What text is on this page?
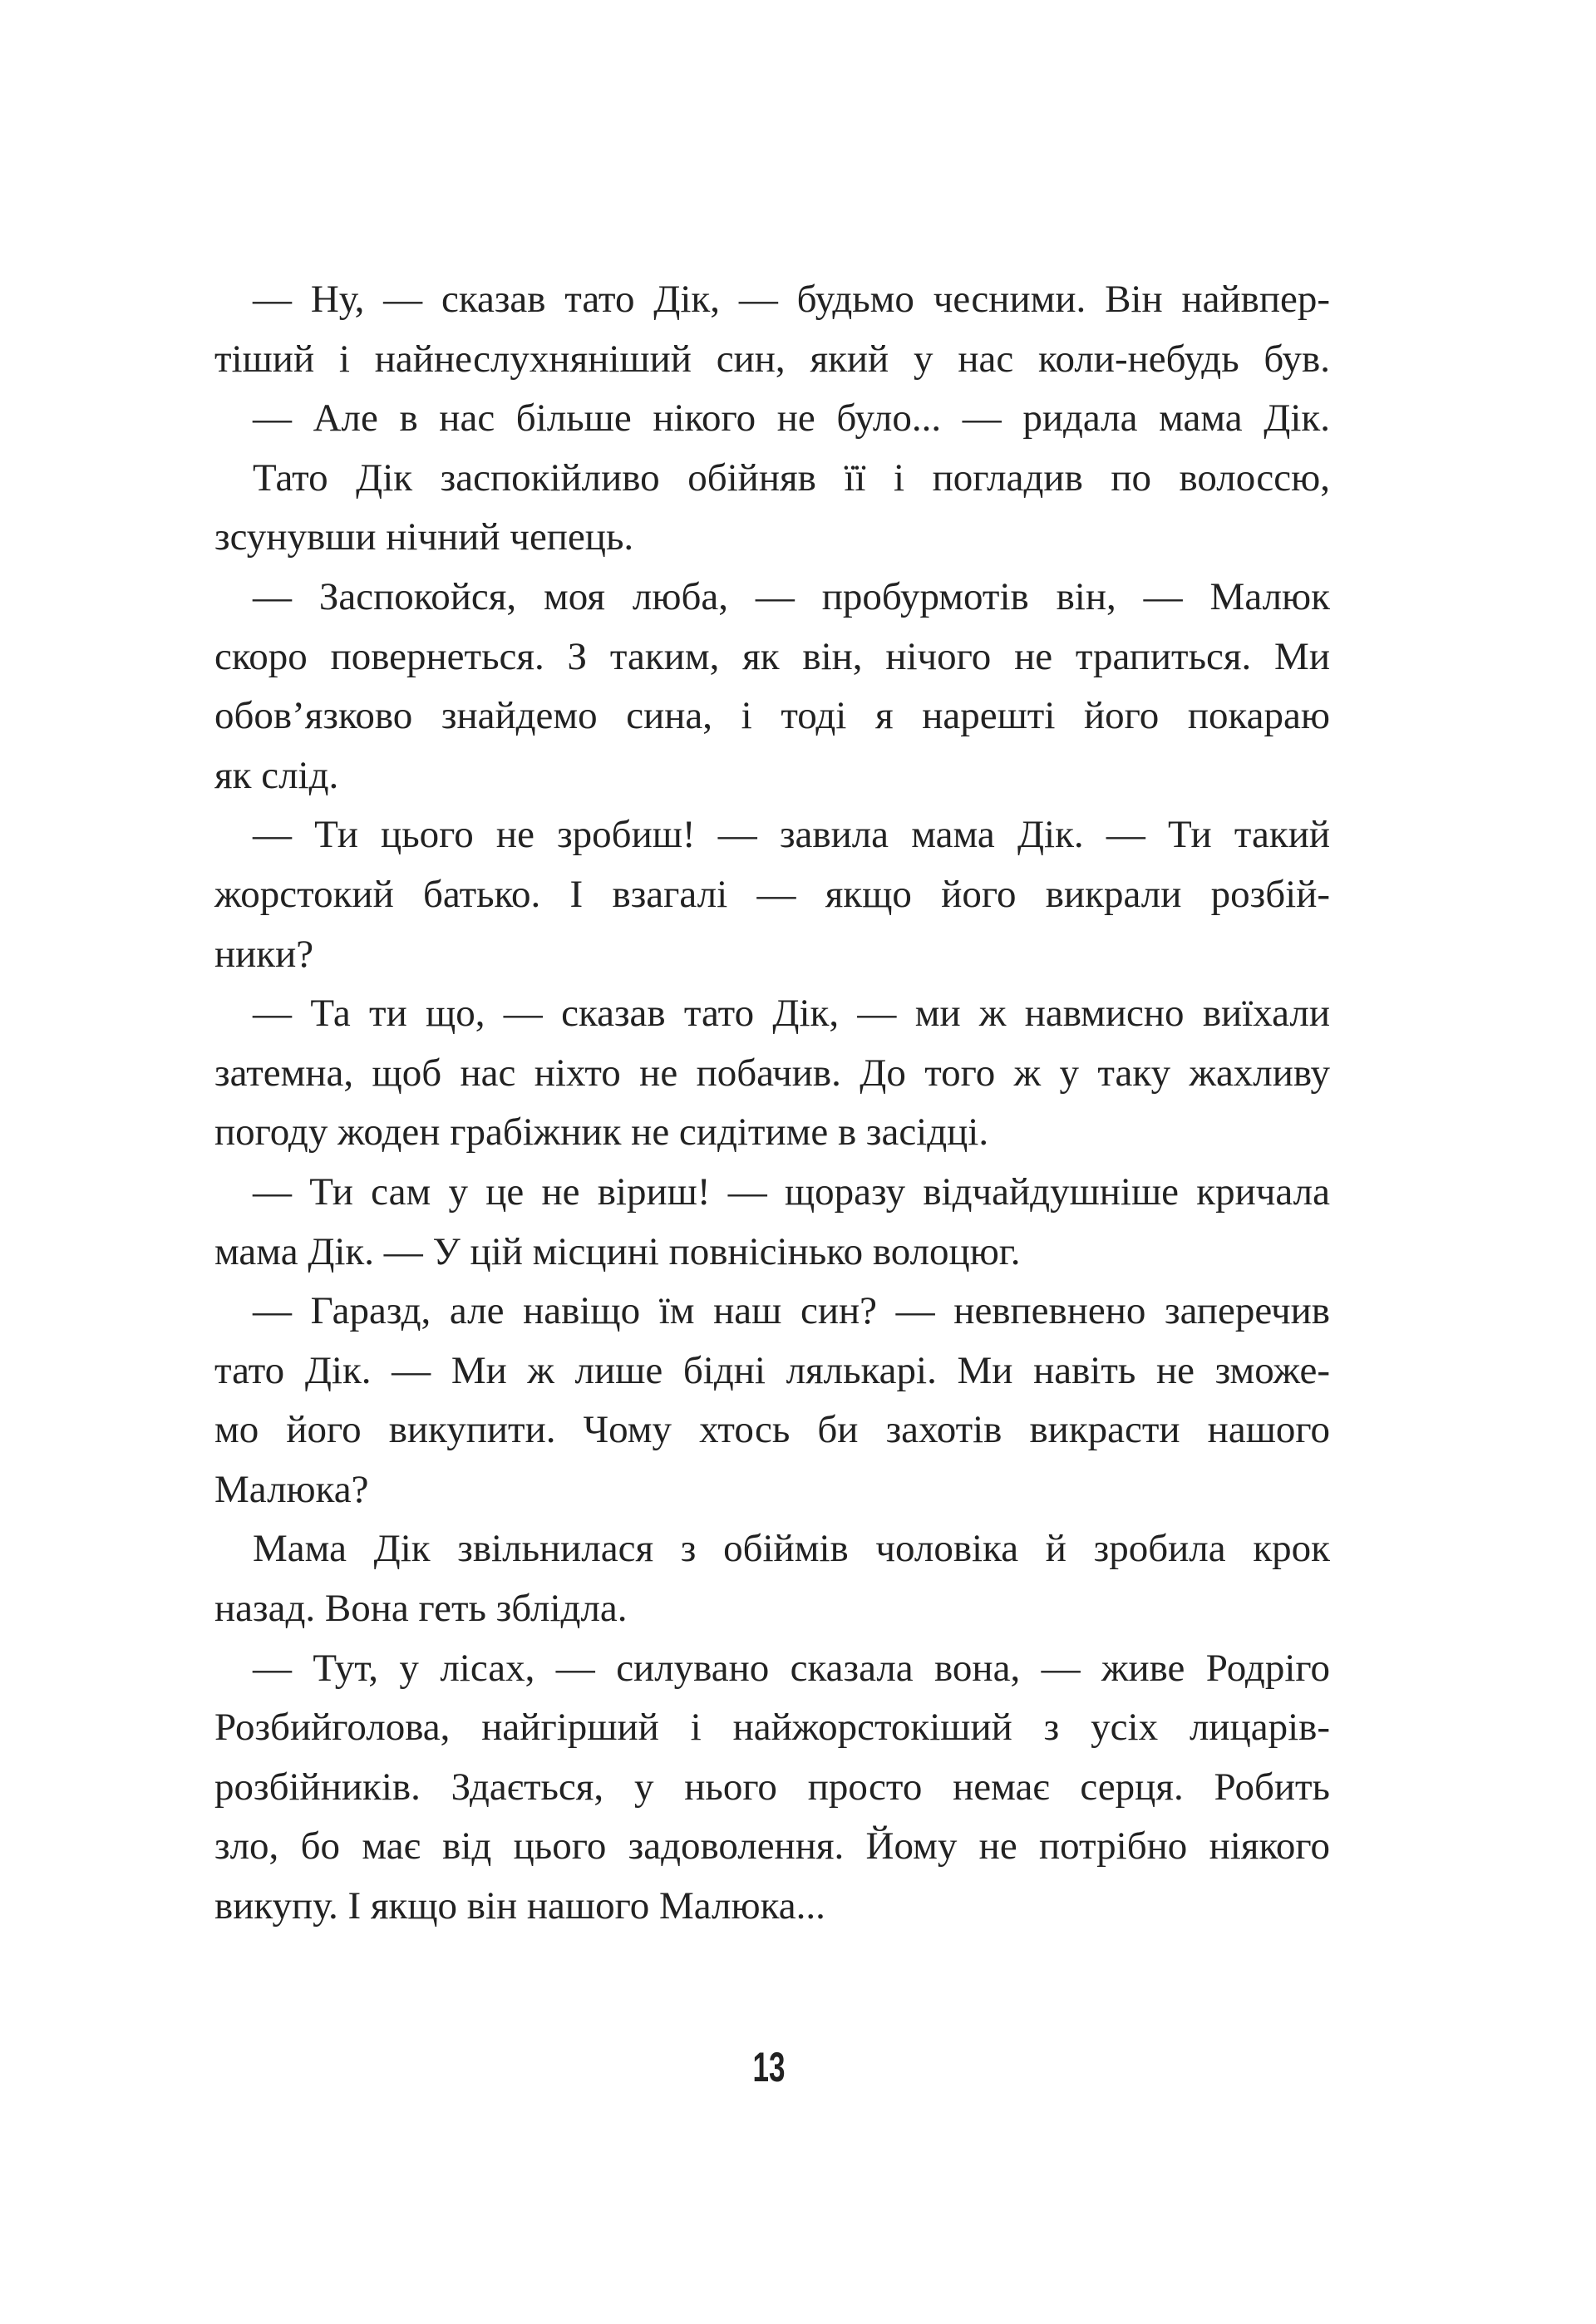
— Ну, — сказав тато Дік, — будьмо чесними. Він найвпер-
тіший і найнеслухняніший син, який у нас коли-небудь був.
— Але в нас більше нікого не було... — ридала мама Дік.
Тато Дік заспокійливо обійняв її і погладив по волоссю,
зсунувши нічний чепець.
— Заспокойся, моя люба, — пробурмотів він, — Малюк
скоро повернеться. З таким, як він, нічого не трапиться. Ми
обов’язково знайдемо сина, і тоді я нарешті його покараю
як слід.
— Ти цього не зробиш! — завила мама Дік. — Ти такий
жорстокий батько. І взагалі — якщо його викрали розбій-
ники?
— Та ти що, — сказав тато Дік, — ми ж навмисно виїхали
затемна, щоб нас ніхто не побачив. До того ж у таку жахливу
погоду жоден грабіжник не сидітиме в засідці.
— Ти сам у це не віриш! — щоразу відчайдушніше кричала
мама Дік. — У цій місцині повнісінько волоцюг.
— Гаразд, але навіщо їм наш син? — невпевнено заперечив
тато Дік. — Ми ж лише бідні лялькарі. Ми навіть не зможе-
мо його викупити. Чому хтось би захотів викрасти нашого
Малюка?
Мама Дік звільнилася з обіймів чоловіка й зробила крок
назад. Вона геть зблідла.
— Тут, у лісах, — силувано сказала вона, — живе Родріго
Розбийголова, найгірший і найжорстокіший з усіх лицарів-
розбійників. Здається, у нього просто немає серця. Робить
зло, бо має від цього задоволення. Йому не потрібно ніякого
викупу. І якщо він нашого Малюка...
13
